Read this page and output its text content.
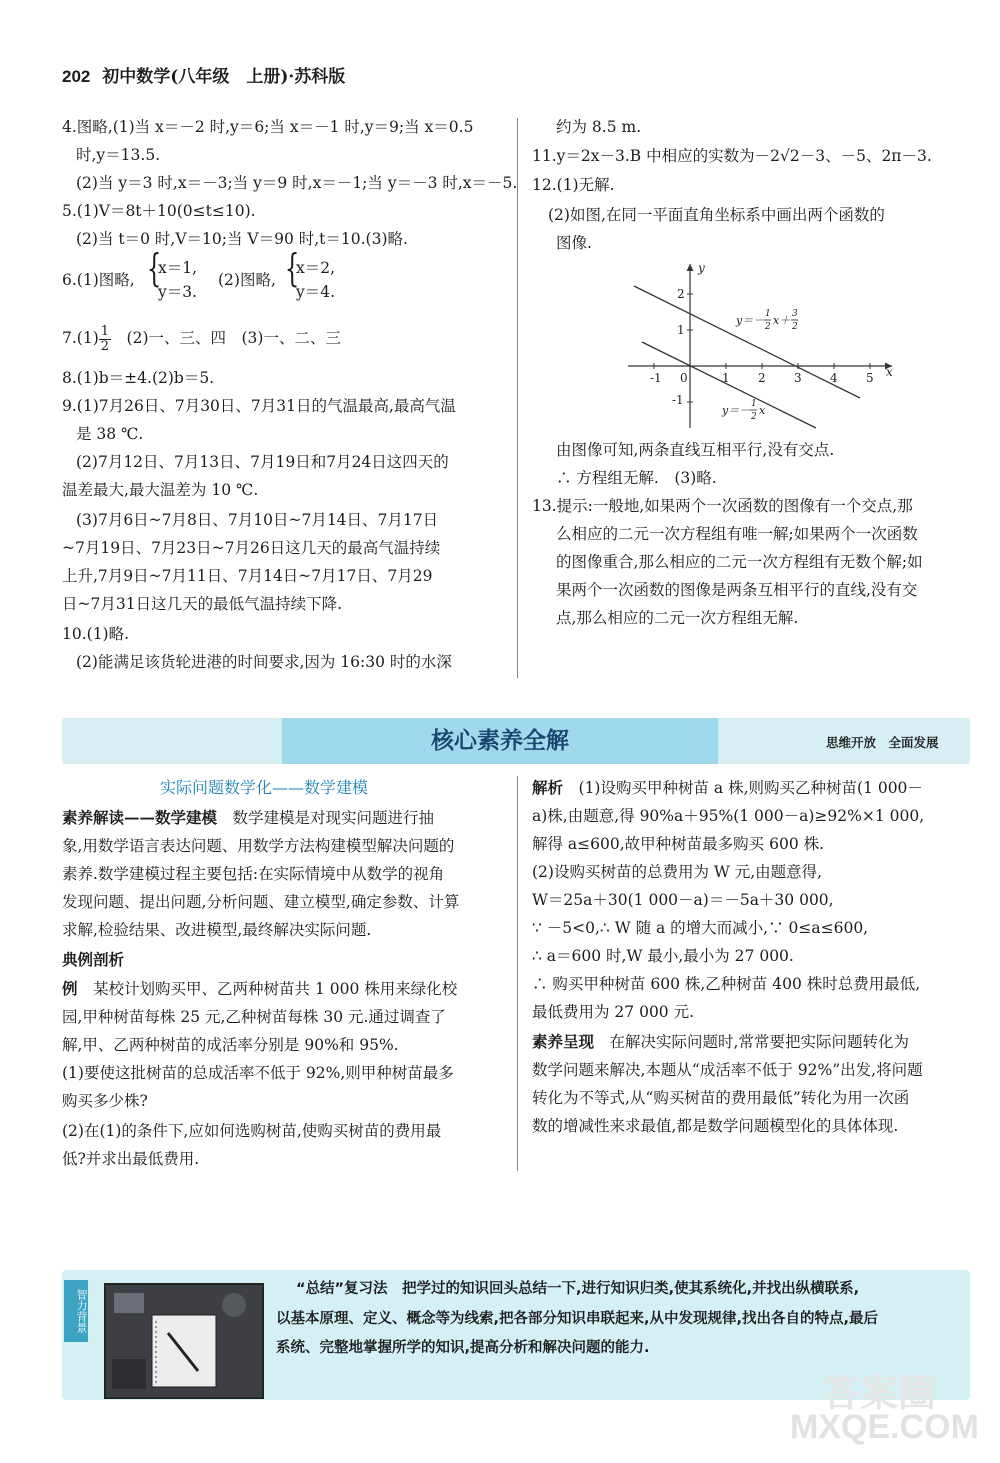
202 初中数学(八年级　上册)·苏科版
4.图略,(1)当 x＝－2 时,y＝6;当 x＝－1 时,y＝9;当 x＝0.5
时,y＝13.5.
(2)当 y＝3 时,x＝－3;当 y＝9 时,x＝－1;当 y＝－3 时,x＝－5.
5.(1)V＝8t＋10(0≤t≤10).
(2)当 t＝0 时,V＝10;当 V＝90 时,t＝10.(3)略.
6.(1)图略, {
x＝1,
y＝3.
(2)图略, {
x＝2,
y＝4.
$7.(1) \frac{1}{2}$
　 (2)一、三、四　(3)一、二、三
8.(1)b＝±4.(2)b＝5.
9.(1)7月26日、7月30日、7月31日的气温最高,最高气温
是 38 ℃.
(2)7月12日、7月13日、7月19日和7月24日这四天的
温差最大,最大温差为 10 ℃.
(3)7月6日~7月8日、7月10日~7月14日、7月17日
~7月19日、7月23日~7月26日这几天的最高气温持续
上升,7月9日~7月11日、7月14日~7月17日、7月29
日~7月31日这几天的最低气温持续下降.
10.(1)略.
(2)能满足该货轮进港的时间要求,因为 16:30 时的水深
约为 8.5 m.
11.y＝2x－3.B 中相应的实数为－2√2－3、－5、2π－3.
12.(1)无解.
(2)如图,在同一平面直角坐标系中画出两个函数的
图像.
-1 0	1 2 3 4 5
2
1
-1
x
y
y＝－ 1
2 x＋ 3
2
y＝－ 1
2 x
由图像可知,两条直线互相平行,没有交点.
∴ 方程组无解.　(3)略.
13.提示:一般地,如果两个一次函数的图像有一个交点,那
么相应的二元一次方程组有唯一解;如果两个一次函数
的图像重合,那么相应的二元一次方程组有无数个解;如
果两个一次函数的图像是两条互相平行的直线,没有交
点,那么相应的二元一次方程组无解.
核心素养全解	思维开放　全面发展
实际问题数学化——数学建模
素养解读——数学建模　数学建模是对现实问题进行抽
象,用数学语言表达问题、用数学方法构建模型解决问题的
素养.数学建模过程主要包括:在实际情境中从数学的视角
发现问题、提出问题,分析问题、建立模型,确定参数、计算
求解,检验结果、改进模型,最终解决实际问题.
典例剖析
例　某校计划购买甲、乙两种树苗共 1 000 株用来绿化校
园,甲种树苗每株 25 元,乙种树苗每株 30 元.通过调查了
解,甲、乙两种树苗的成活率分别是 90%和 95%.
(1)要使这批树苗的总成活率不低于 92%,则甲种树苗最多
购买多少株?
(2)在(1)的条件下,应如何选购树苗,使购买树苗的费用最
低?并求出最低费用.
解析　(1)设购买甲种树苗 a 株,则购买乙种树苗(1 000－
a)株,由题意,得 90%a＋95%(1 000－a)≥92%×1 000,
解得 a≤600,故甲种树苗最多购买 600 株.
(2)设购买树苗的总费用为 W 元,由题意得,
W＝25a＋30(1 000－a)＝－5a＋30 000,
∵ －5<0,∴ W 随 a 的增大而减小,∵ 0≤a≤600,
∴ a＝600 时,W 最小,最小为 27 000.
∴ 购买甲种树苗 600 株,乙种树苗 400 株时总费用最低,
最低费用为 27 000 元.
素养呈现　在解决实际问题时,常常要把实际问题转化为
数学问题来解决,本题从“成活率不低于 92%”出发,将问题
转化为不等式,从“购买树苗的费用最低”转化为用一次函
数的增减性来求最值,都是数学问题模型化的具体体现.
智力背景	“总结”复习法　把学过的知识回头总结一下,进行知识归类,使其系统化,并找出纵横联系,
以基本原理、定义、概念等为线索,把各部分知识串联起来,从中发现规律,找出各自的特点,最后
系统、完整地掌握所学的知识,提高分析和解决问题的能力.
答案圈
MXQE.COM
